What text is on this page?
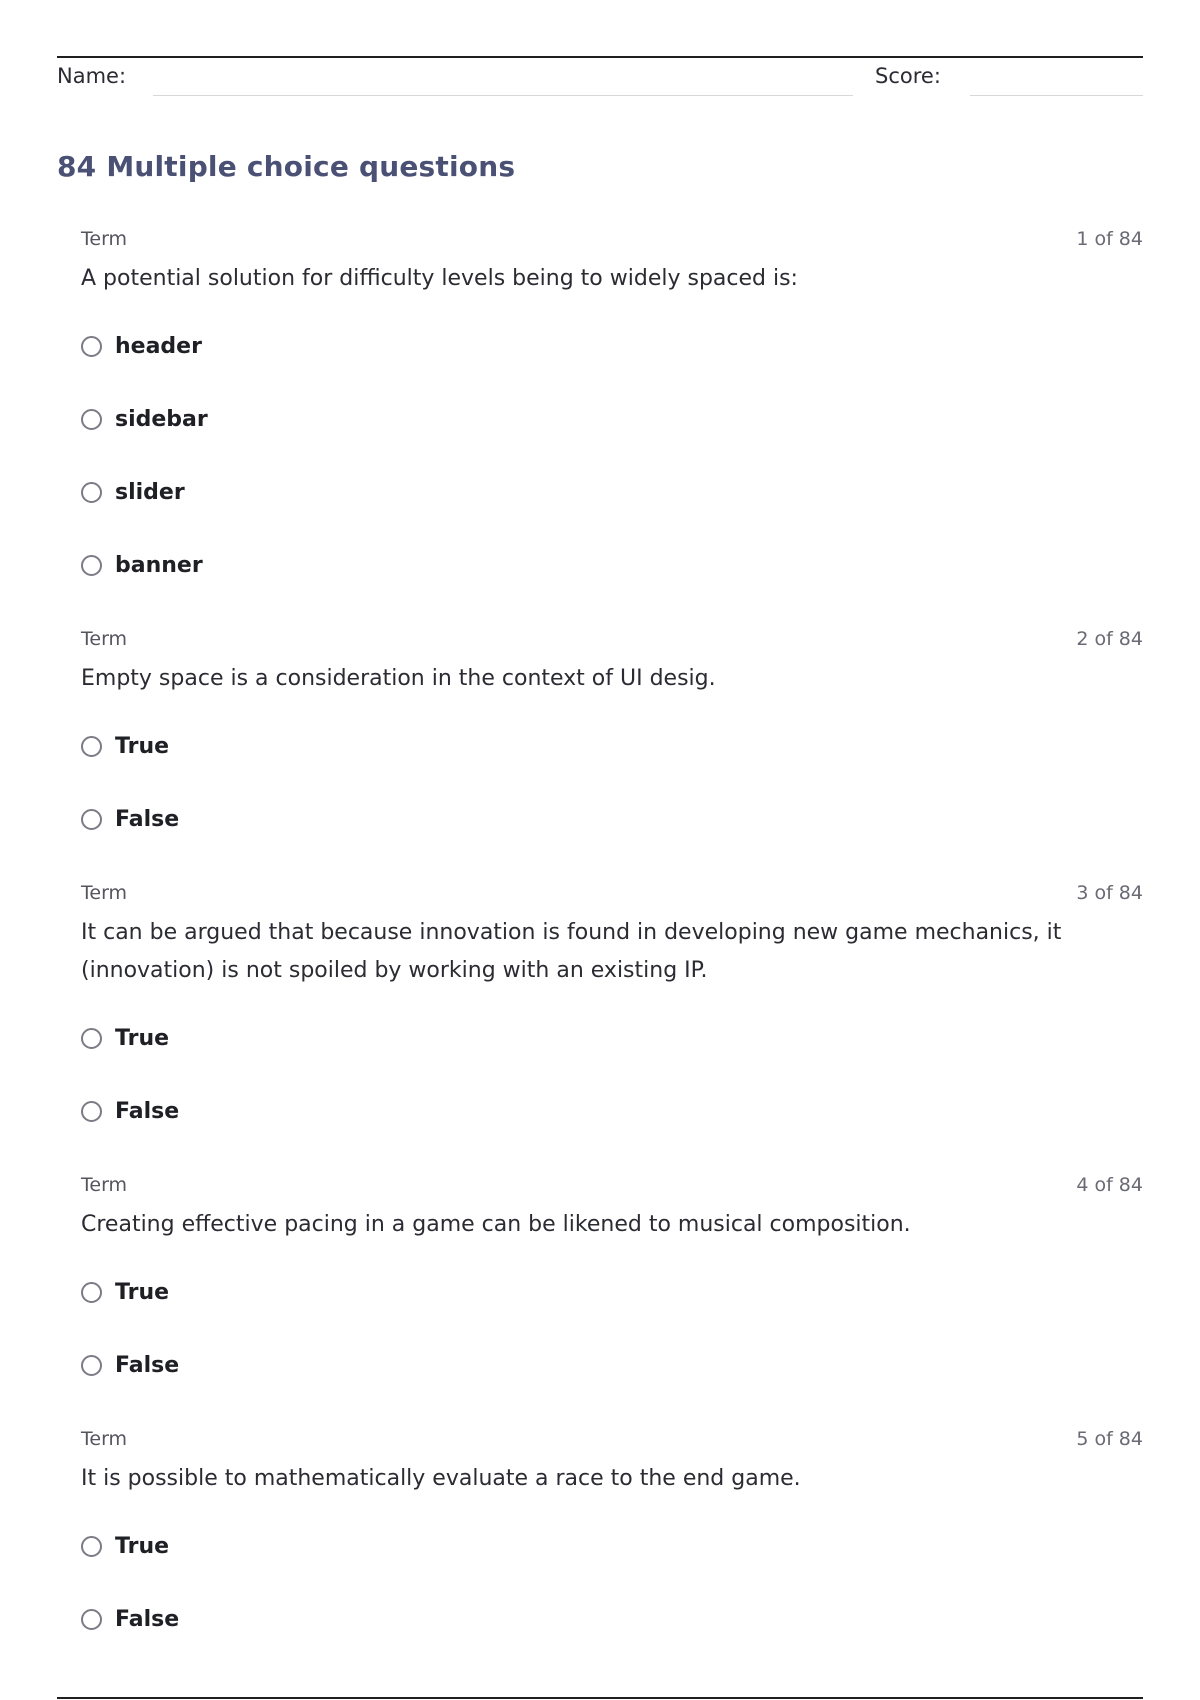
Name:	Score:
84 Multiple choice questions
Term	1 of 84
A potential solution for difficulty levels being to widely spaced is:
header
sidebar
slider
banner
Term	2 of 84
Empty space is a consideration in the context of UI desig.
True
False
Term	3 of 84
It can be argued that because innovation is found in developing new game mechanics, it (innovation) is not spoiled by working with an existing IP.
True
False
Term	4 of 84
Creating effective pacing in a game can be likened to musical composition.
True
False
Term	5 of 84
It is possible to mathematically evaluate a race to the end game.
True
False
